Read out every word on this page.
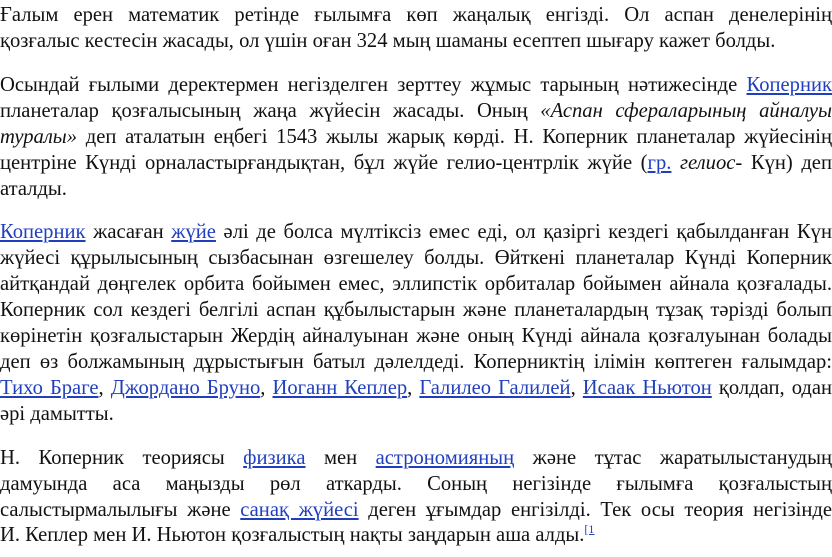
Ғалым ерен математик ретінде ғылымға көп жаңалық енгізді. Ол аспан денелерінің
қозғалыс кестесін жасады, ол үшін оған 324 мың шаманы есептеп шығару кажет болды.
Осындай ғылыми деректермен негізделген зерттеу жұмыс тарының нәтижесінде Коперник
планеталар қозғалысының жаңа жүйесін жасады. Оның «Аспан сфераларының айналуы
туралы» деп аталатын еңбегі 1543 жылы жарық көрді. Н. Коперник планеталар жүйесінің
центріне Күнді орналастырғандықтан, бұл жүйе гелио-центрлік жүйе (гр. гелиос- Күн) деп
аталды.
Коперник жасаған жүйе әлі де болса мүлтіксіз емес еді, ол қазіргі кездегі қабылданған Күн
жүйесі құрылысының сызбасынан өзгешелеу болды. Өйткені планеталар Күнді Коперник
айтқандай дөңгелек орбита бойымен емес, эллипстік орбиталар бойымен айнала қозғалады.
Коперник сол кездегі белгілі аспан құбылыстарын және планеталардың тұзақ тәрізді болып
көрінетін қозғалыстарын Жердің айналуынан және оның Күнді айнала қозғалуынан болады
деп өз болжамының дұрыстығын батыл дәлелдеді. Коперниктің ілімін көптеген ғалымдар:
Тихо Браге, Джордано Бруно, Иоганн Кеплер, Галилео Галилей, Исаак Ньютон қолдап, одан
әрі дамытты.
Н. Коперник теориясы физика мен астрономияның және тұтас жаратылыстанудың
дамуында аса маңызды рөл аткарды. Соның негізінде ғылымға қозғалыстың
салыстырмалылығы және санақ жүйесі деген ұғымдар енгізілді. Тек осы теория негізінде
И. Кеплер мен И. Ньютон қозғалыстың нақты заңдарын аша алды.$^{[1}$
